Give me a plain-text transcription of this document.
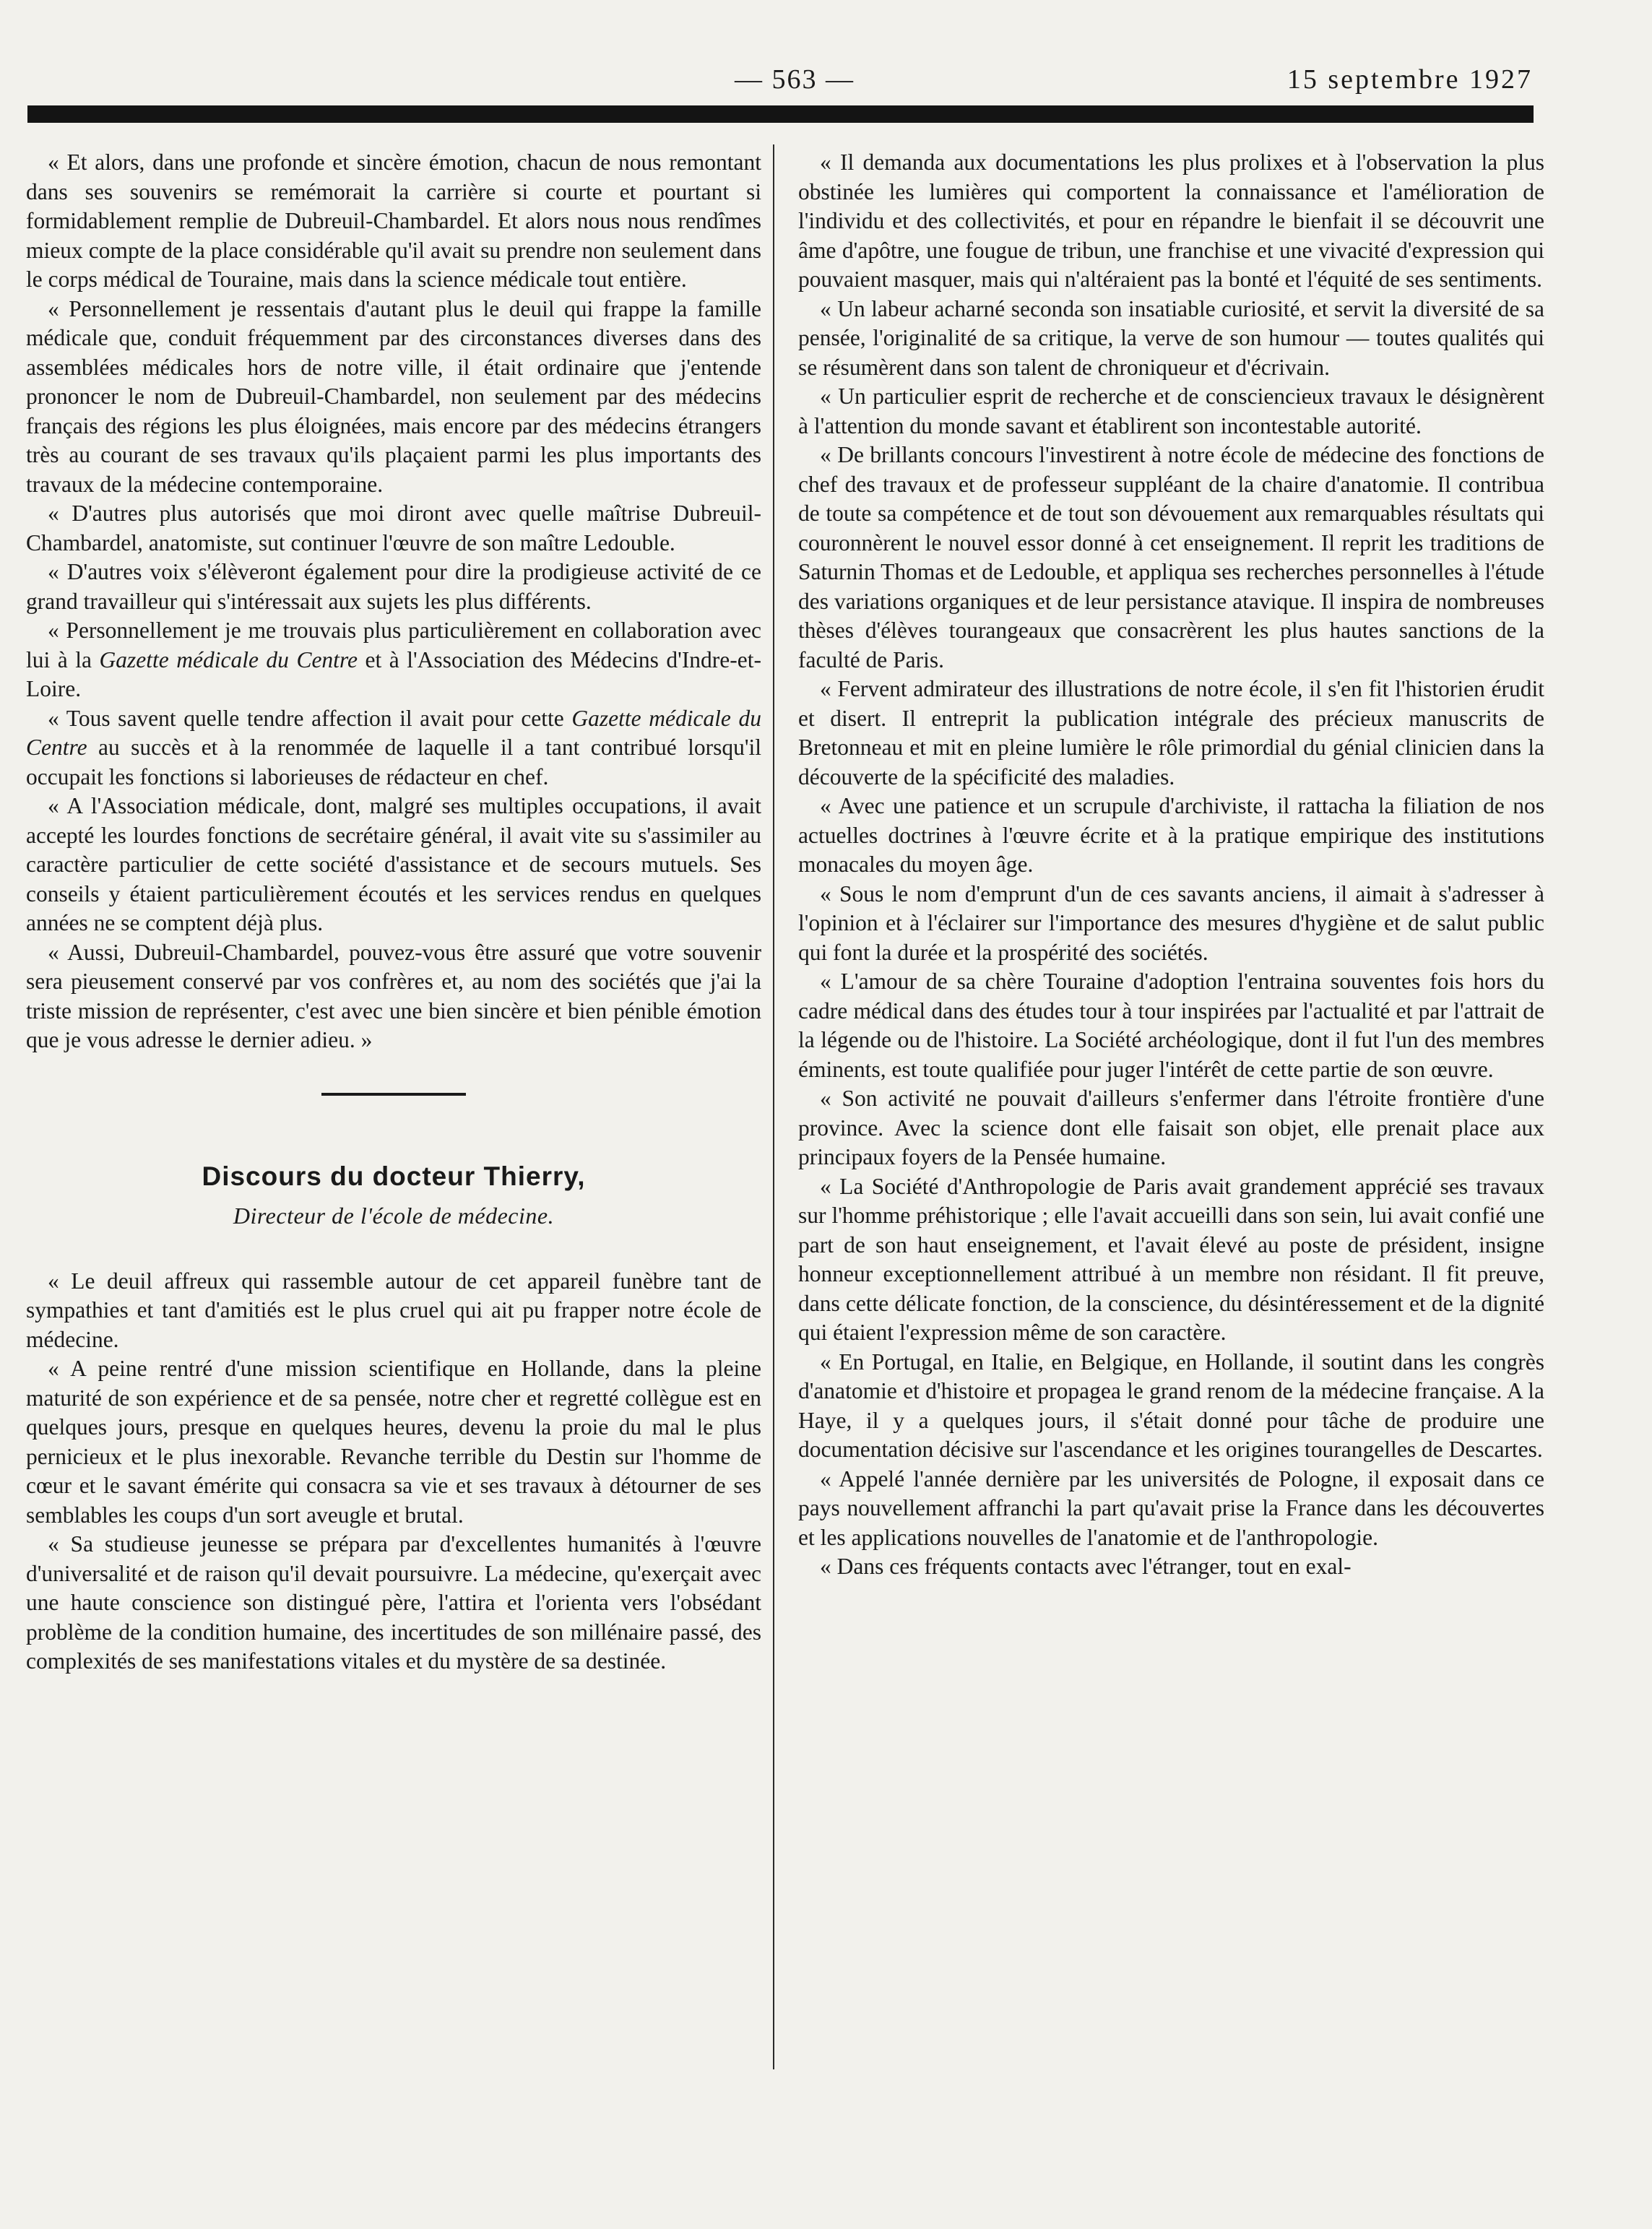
— 563 —	15 septembre 1927

« Et alors, dans une profonde et sincère émotion, chacun de nous remontant dans ses souvenirs se remémorait la carrière si courte et pourtant si formidablement remplie de Dubreuil-Chambardel. Et alors nous nous rendîmes mieux compte de la place considérable qu'il avait su prendre non seulement dans le corps médical de Touraine, mais dans la science médicale tout entière.

« Personnellement je ressentais d'autant plus le deuil qui frappe la famille médicale que, conduit fréquemment par des circonstances diverses dans des assemblées médicales hors de notre ville, il était ordinaire que j'entende prononcer le nom de Dubreuil-Chambardel, non seulement par des médecins français des régions les plus éloignées, mais encore par des médecins étrangers très au courant de ses travaux qu'ils plaçaient parmi les plus importants des travaux de la médecine contemporaine.

« D'autres plus autorisés que moi diront avec quelle maîtrise Dubreuil-Chambardel, anatomiste, sut continuer l'œuvre de son maître Ledouble.

« D'autres voix s'élèveront également pour dire la prodigieuse activité de ce grand travailleur qui s'intéressait aux sujets les plus différents.

« Personnellement je me trouvais plus particulièrement en collaboration avec lui à la Gazette médicale du Centre et à l'Association des Médecins d'Indre-et-Loire.

« Tous savent quelle tendre affection il avait pour cette Gazette médicale du Centre au succès et à la renommée de laquelle il a tant contribué lorsqu'il occupait les fonctions si laborieuses de rédacteur en chef.

« A l'Association médicale, dont, malgré ses multiples occupations, il avait accepté les lourdes fonctions de secrétaire général, il avait vite su s'assimiler au caractère particulier de cette société d'assistance et de secours mutuels. Ses conseils y étaient particulièrement écoutés et les services rendus en quelques années ne se comptent déjà plus.

« Aussi, Dubreuil-Chambardel, pouvez-vous être assuré que votre souvenir sera pieusement conservé par vos confrères et, au nom des sociétés que j'ai la triste mission de représenter, c'est avec une bien sincère et bien pénible émotion que je vous adresse le dernier adieu. »

Discours du docteur Thierry,
Directeur de l'école de médecine.

« Le deuil affreux qui rassemble autour de cet appareil funèbre tant de sympathies et tant d'amitiés est le plus cruel qui ait pu frapper notre école de médecine.

« A peine rentré d'une mission scientifique en Hollande, dans la pleine maturité de son expérience et de sa pensée, notre cher et regretté collègue est en quelques jours, presque en quelques heures, devenu la proie du mal le plus pernicieux et le plus inexorable. Revanche terrible du Destin sur l'homme de cœur et le savant émérite qui consacra sa vie et ses travaux à détourner de ses semblables les coups d'un sort aveugle et brutal.

« Sa studieuse jeunesse se prépara par d'excellentes humanités à l'œuvre d'universalité et de raison qu'il devait poursuivre. La médecine, qu'exerçait avec une haute conscience son distingué père, l'attira et l'orienta vers l'obsédant problème de la condition humaine, des incertitudes de son millénaire passé, des complexités de ses manifestations vitales et du mystère de sa destinée.

« Il demanda aux documentations les plus prolixes et à l'observation la plus obstinée les lumières qui comportent la connaissance et l'amélioration de l'individu et des collectivités, et pour en répandre le bienfait il se découvrit une âme d'apôtre, une fougue de tribun, une franchise et une vivacité d'expression qui pouvaient masquer, mais qui n'altéraient pas la bonté et l'équité de ses sentiments.

« Un labeur acharné seconda son insatiable curiosité, et servit la diversité de sa pensée, l'originalité de sa critique, la verve de son humour — toutes qualités qui se résumèrent dans son talent de chroniqueur et d'écrivain.

« Un particulier esprit de recherche et de consciencieux travaux le désignèrent à l'attention du monde savant et établirent son incontestable autorité.

« De brillants concours l'investirent à notre école de médecine des fonctions de chef des travaux et de professeur suppléant de la chaire d'anatomie. Il contribua de toute sa compétence et de tout son dévouement aux remarquables résultats qui couronnèrent le nouvel essor donné à cet enseignement. Il reprit les traditions de Saturnin Thomas et de Ledouble, et appliqua ses recherches personnelles à l'étude des variations organiques et de leur persistance atavique. Il inspira de nombreuses thèses d'élèves tourangeaux que consacrèrent les plus hautes sanctions de la faculté de Paris.

« Fervent admirateur des illustrations de notre école, il s'en fit l'historien érudit et disert. Il entreprit la publication intégrale des précieux manuscrits de Bretonneau et mit en pleine lumière le rôle primordial du génial clinicien dans la découverte de la spécificité des maladies.

« Avec une patience et un scrupule d'archiviste, il rattacha la filiation de nos actuelles doctrines à l'œuvre écrite et à la pratique empirique des institutions monacales du moyen âge.

« Sous le nom d'emprunt d'un de ces savants anciens, il aimait à s'adresser à l'opinion et à l'éclairer sur l'importance des mesures d'hygiène et de salut public qui font la durée et la prospérité des sociétés.

« L'amour de sa chère Touraine d'adoption l'entraina souventes fois hors du cadre médical dans des études tour à tour inspirées par l'actualité et par l'attrait de la légende ou de l'histoire. La Société archéologique, dont il fut l'un des membres éminents, est toute qualifiée pour juger l'intérêt de cette partie de son œuvre.

« Son activité ne pouvait d'ailleurs s'enfermer dans l'étroite frontière d'une province. Avec la science dont elle faisait son objet, elle prenait place aux principaux foyers de la Pensée humaine.

« La Société d'Anthropologie de Paris avait grandement apprécié ses travaux sur l'homme préhistorique ; elle l'avait accueilli dans son sein, lui avait confié une part de son haut enseignement, et l'avait élevé au poste de président, insigne honneur exceptionnellement attribué à un membre non résidant. Il fit preuve, dans cette délicate fonction, de la conscience, du désintéressement et de la dignité qui étaient l'expression même de son caractère.

« En Portugal, en Italie, en Belgique, en Hollande, il soutint dans les congrès d'anatomie et d'histoire et propagea le grand renom de la médecine française. A la Haye, il y a quelques jours, il s'était donné pour tâche de produire une documentation décisive sur l'ascendance et les origines tourangelles de Descartes.

« Appelé l'année dernière par les universités de Pologne, il exposait dans ce pays nouvellement affranchi la part qu'avait prise la France dans les découvertes et les applications nouvelles de l'anatomie et de l'anthropologie.

« Dans ces fréquents contacts avec l'étranger, tout en exal-
